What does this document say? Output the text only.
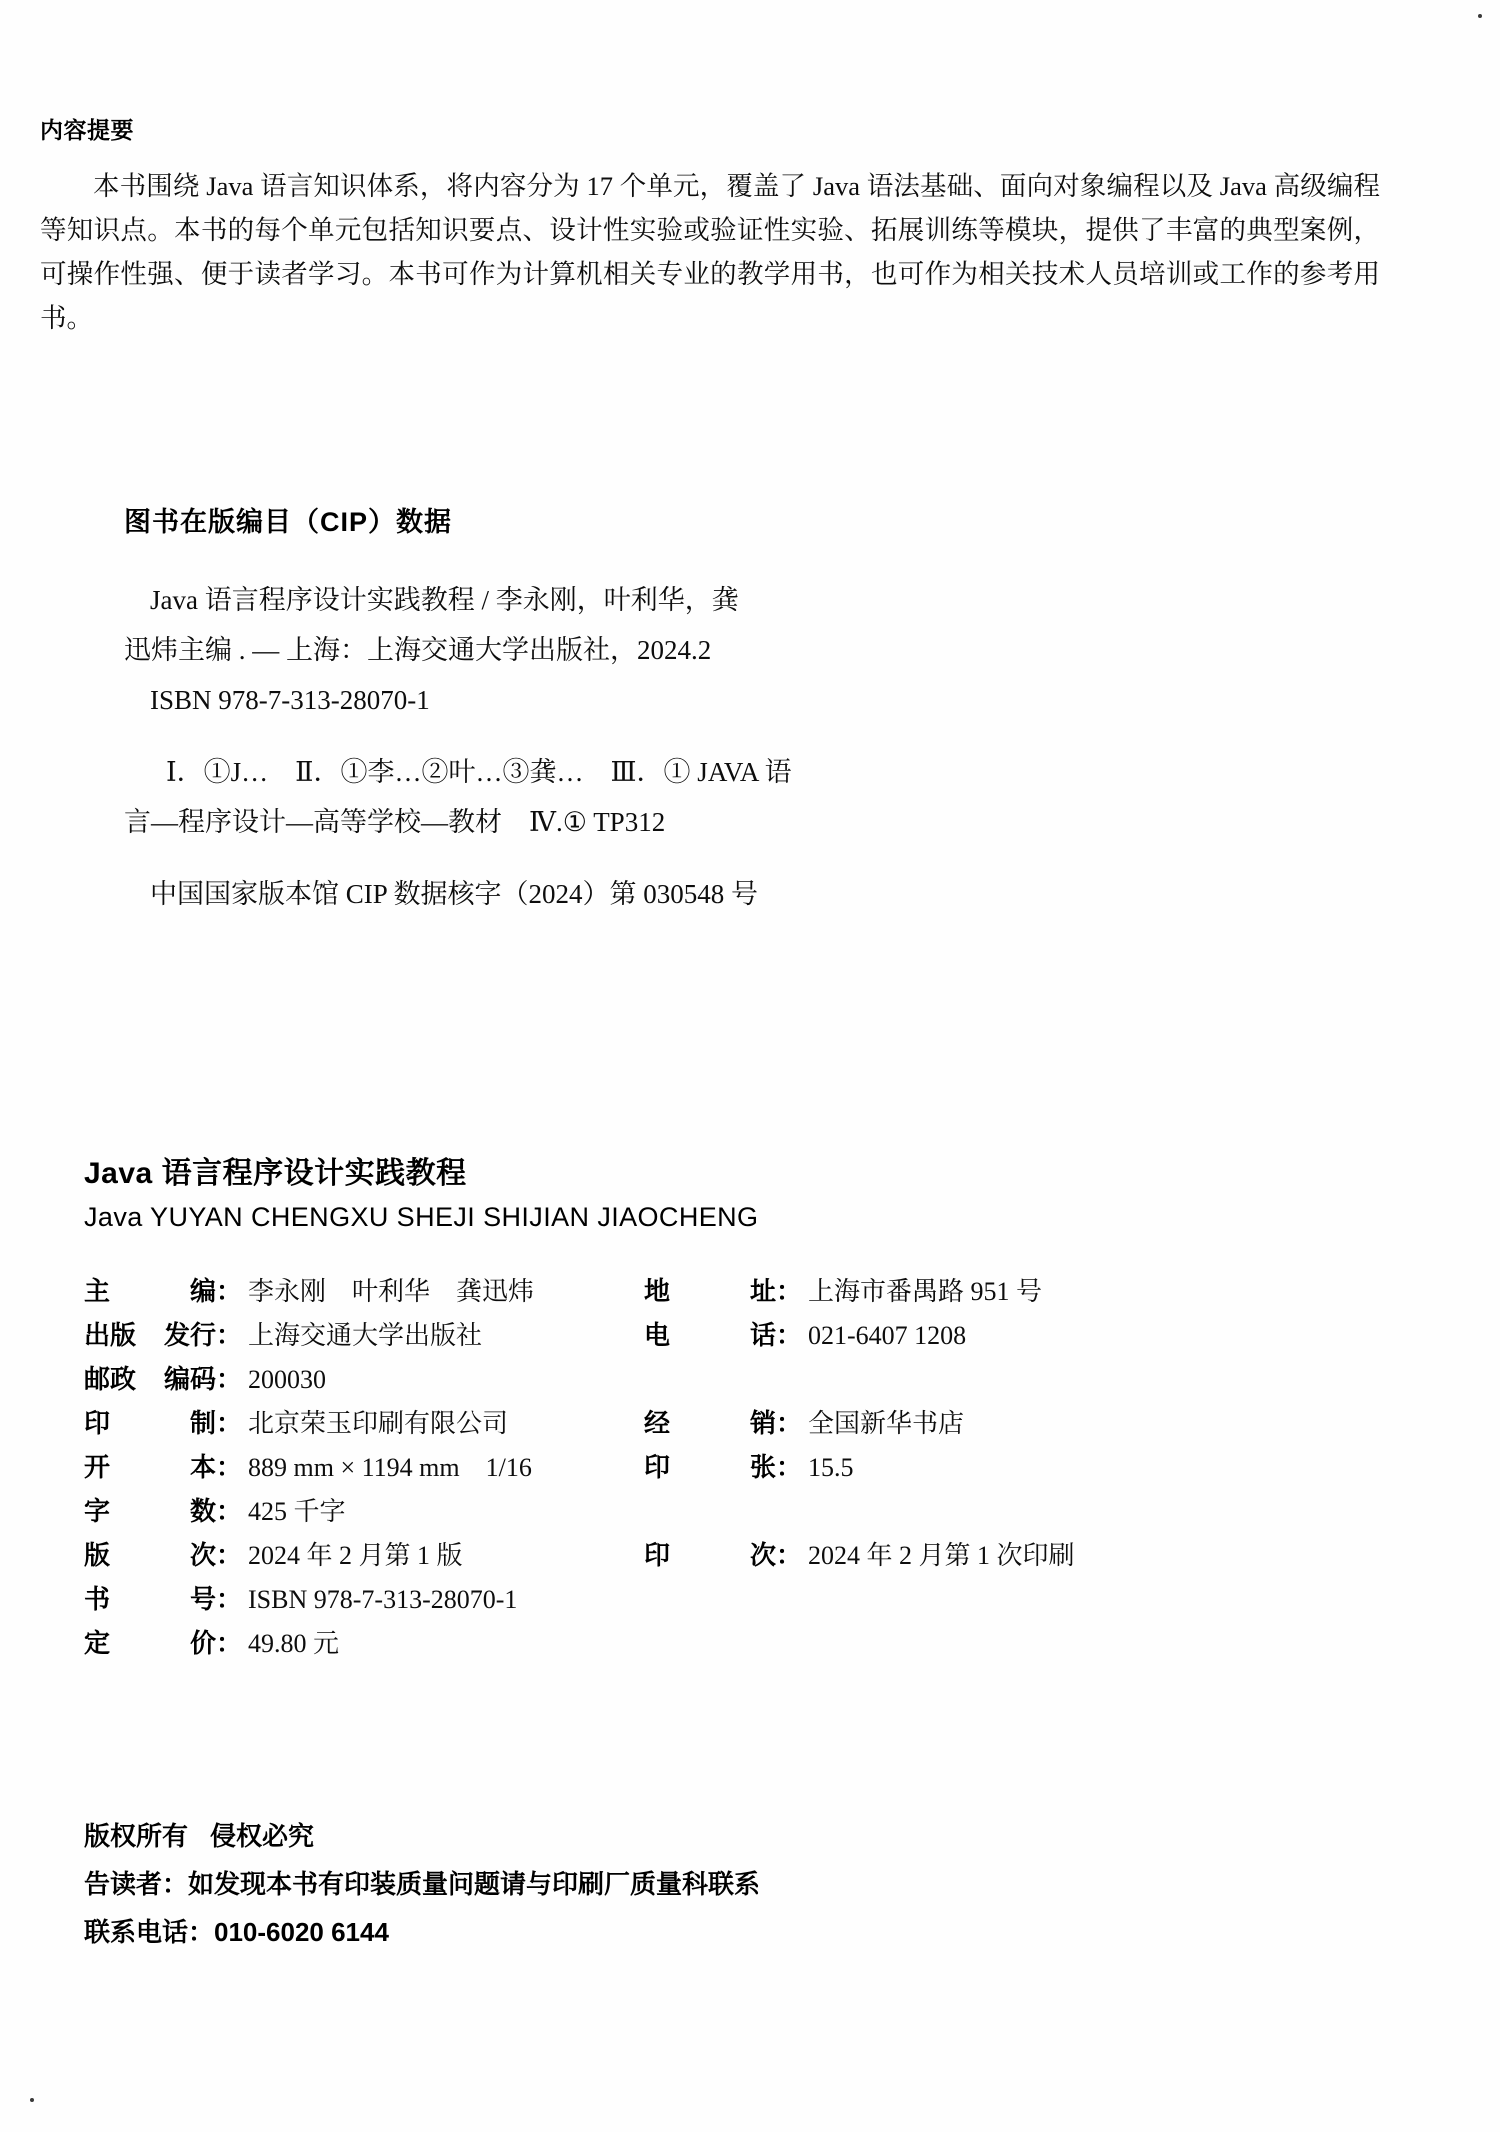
内容提要
本书围绕 Java 语言知识体系，将内容分为 17 个单元，覆盖了 Java 语法基础、面向对象编程以及 Java 高级编程等知识点。本书的每个单元包括知识要点、设计性实验或验证性实验、拓展训练等模块，提供了丰富的典型案例，可操作性强、便于读者学习。本书可作为计算机相关专业的教学用书，也可作为相关技术人员培训或工作的参考用书。
图书在版编目（CIP）数据
Java 语言程序设计实践教程 / 李永刚，叶利华，龚
迅炜主编 . — 上海：上海交通大学出版社，2024.2
ISBN 978-7-313-28070-1
Ⅰ．①J…　Ⅱ．①李…②叶…③龚…　Ⅲ．① JAVA 语
言—程序设计—高等学校—教材　Ⅳ.① TP312
中国国家版本馆 CIP 数据核字（2024）第 030548 号
Java 语言程序设计实践教程
Java YUYAN CHENGXU SHEJI SHIJIAN JIAOCHENG
主	编 ： 李永刚　叶利华　龚迅炜	地	址 ： 上海市番禺路 951 号
出版 发行 ： 上海交通大学出版社	电	话 ： 021-6407 1208
邮政 编码 ： 200030
印	制 ： 北京荣玉印刷有限公司	经	销 ： 全国新华书店
开	本 ： 889 mm × 1194 mm　1/16	印	张 ： 15.5
字	数 ： 425 千字
版	次 ： 2024 年 2 月第 1 版	印	次 ： 2024 年 2 月第 1 次印刷
书	号 ： ISBN 978-7-313-28070-1
定	价 ： 49.80 元
版权所有 侵权必究
告读者：如发现本书有印装质量问题请与印刷厂质量科联系
联系电话：010-6020 6144
